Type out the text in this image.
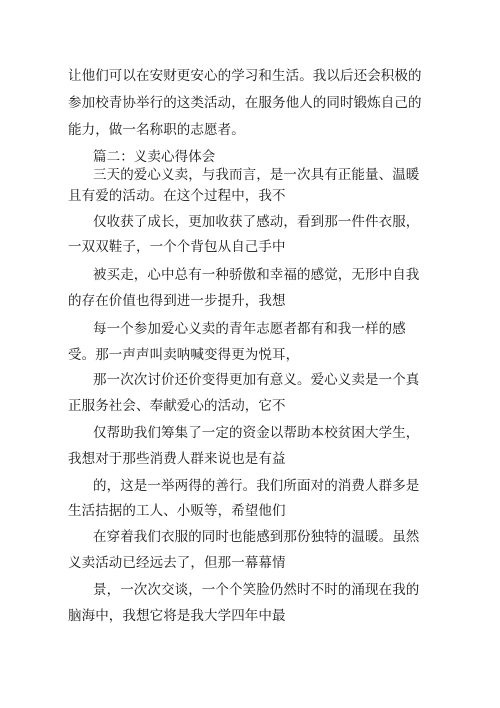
让他们可以在安财更安心的学习和生活。我以后还会积极的
参加校青协举行的这类活动，在服务他人的同时锻炼自己的
能力，做一名称职的志愿者。
篇二：义卖心得体会
三天的爱心义卖，与我而言，是一次具有正能量、温暖
且有爱的活动。在这个过程中，我不
仅收获了成长，更加收获了感动，看到那一件件衣服，
一双双鞋子，一个个背包从自己手中
被买走，心中总有一种骄傲和幸福的感觉，无形中自我
的存在价值也得到进一步提升，我想
每一个参加爱心义卖的青年志愿者都有和我一样的感
受。那一声声叫卖呐喊变得更为悦耳，
那一次次讨价还价变得更加有意义。爱心义卖是一个真
正服务社会、奉献爱心的活动，它不
仅帮助我们筹集了一定的资金以帮助本校贫困大学生，
我想对于那些消费人群来说也是有益
的，这是一举两得的善行。我们所面对的消费人群多是
生活拮据的工人、小贩等，希望他们
在穿着我们衣服的同时也能感到那份独特的温暖。虽然
义卖活动已经远去了，但那一幕幕情
景，一次次交谈，一个个笑脸仍然时不时的涌现在我的
脑海中，我想它将是我大学四年中最
